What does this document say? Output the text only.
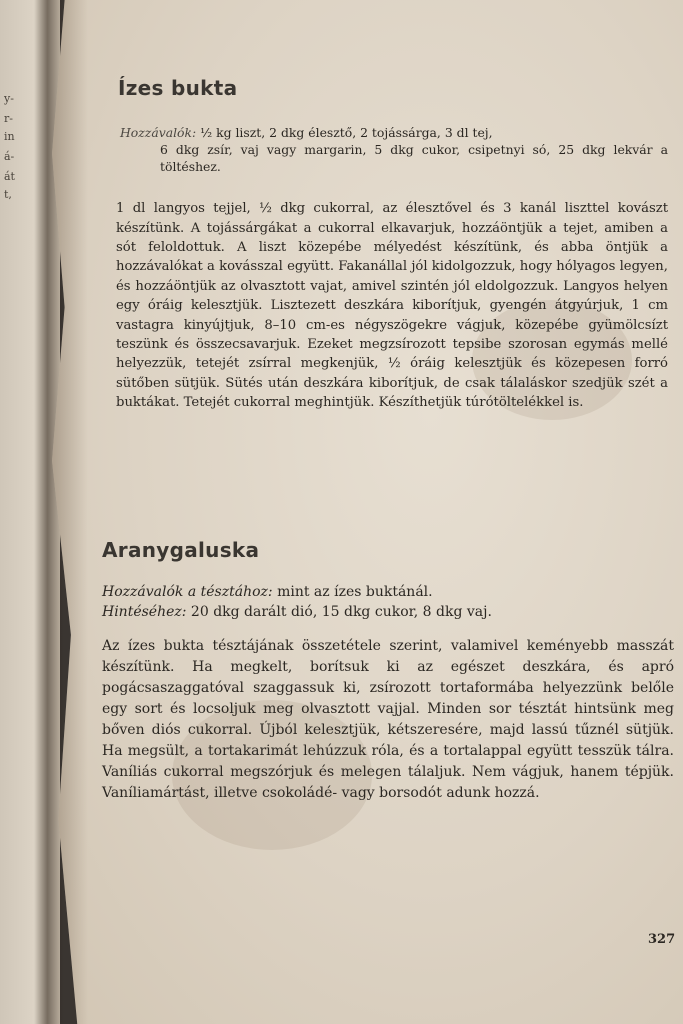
y-
r-
in
á-
át
t,
Ízes bukta
Hozzávalók: ½ kg liszt, 2 dkg élesztő, 2 tojássárga, 3 dl tej,
6 dkg zsír, vaj vagy margarin, 5 dkg cukor, csipetnyi só, 25 dkg lekvár a töltéshez.

1 dl langyos tejjel, ½ dkg cukorral, az élesztővel és 3 kanál liszttel kovászt készítünk. A tojássárgákat a cukorral elkavarjuk, hozzáöntjük a tejet, amiben a sót feloldottuk. A liszt közepébe mélyedést készítünk, és abba öntjük a hozzávalókat a kovásszal együtt. Fakanállal jól kidolgozzuk, hogy hólyagos legyen, és hozzáöntjük az olvasztott vajat, amivel szintén jól eldolgozzuk. Langyos helyen egy óráig kelesztjük. Lisztezett deszkára kiborítjuk, gyengén átgyúrjuk, 1 cm vastagra kinyújtjuk, 8–10 cm-es négyszögekre vágjuk, közepébe gyümölcsízt teszünk és összecsavarjuk. Ezeket megzsírozott tepsibe szorosan egymás mellé helyezzük, tetejét zsírral megkenjük, ½ óráig kelesztjük és közepesen forró sütőben sütjük. Sütés után deszkára kiborítjuk, de csak tálaláskor szedjük szét a buktákat. Tetejét cukorral meghintjük. Készíthetjük túrótöltelékkel is.

Aranygaluska
Hozzávalók a tésztához: mint az ízes buktánál.
Hintéséhez: 20 dkg darált dió, 15 dkg cukor, 8 dkg vaj.

Az ízes bukta tésztájának összetétele szerint, valamivel keményebb masszát készítünk. Ha megkelt, borítsuk ki az egészet deszkára, és apró pogácsaszaggatóval szaggassuk ki, zsírozott tortaformába helyezzünk belőle egy sort és locsoljuk meg olvasztott vajjal. Minden sor tésztát hintsünk meg bőven diós cukorral. Újból kelesztjük, kétszeresére, majd lassú tűznél sütjük. Ha megsült, a tortakarimát lehúzzuk róla, és a tortalappal együtt tesszük tálra. Vaníliás cukorral megszórjuk és melegen tálaljuk. Nem vágjuk, hanem tépjük. Vaníliamártást, illetve csokoládé- vagy borsodót adunk hozzá.

327
